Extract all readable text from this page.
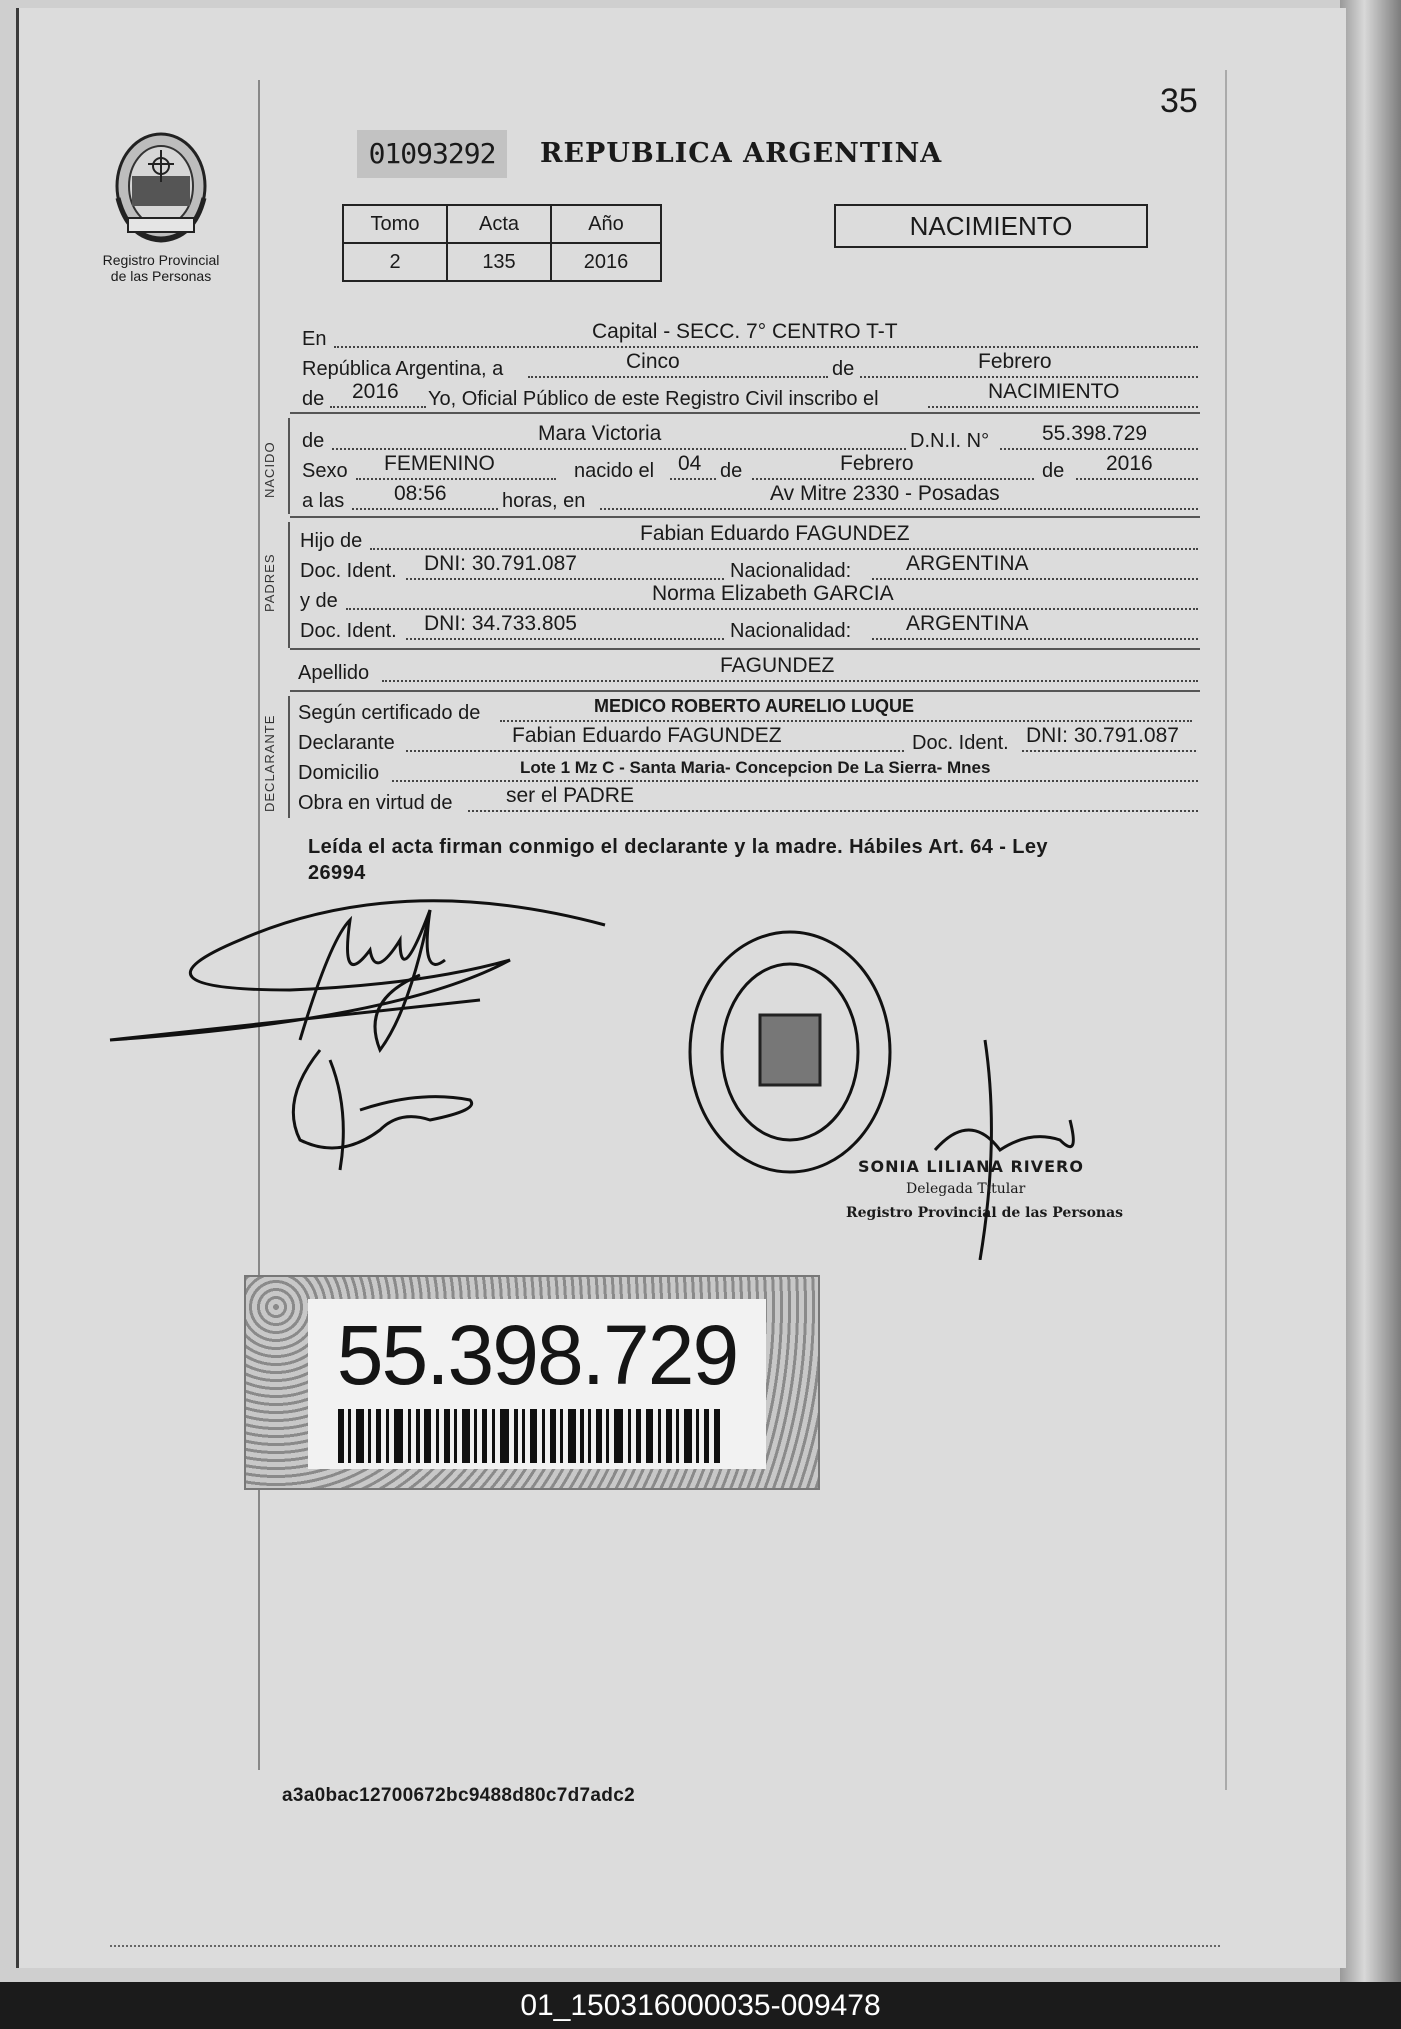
35
Registro Provincial
de las Personas
01093292	REPUBLICA ARGENTINA
Tomo	Acta	Año
2	135	2016
NACIMIENTO
En	Capital - SECC. 7° CENTRO T-T
República Argentina, a	Cinco	de	Febrero
de 2016 Yo, Oficial Público de este Registro Civil inscribo el	NACIMIENTO
NACIDO
de	Mara Victoria	D.N.I. N°	55.398.729
Sexo FEMENINO	nacido el 04 de	Febrero	de 2016
a las 08:56	horas, en	Av Mitre 2330 - Posadas
PADRES
Hijo de	Fabian Eduardo FAGUNDEZ
Doc. Ident. DNI: 30.791.087	Nacionalidad:	ARGENTINA
y de	Norma Elizabeth GARCIA
Doc. Ident. DNI: 34.733.805	Nacionalidad:	ARGENTINA
Apellido	FAGUNDEZ
DECLARANTE
Según certificado de	MEDICO ROBERTO AURELIO LUQUE
Declarante	Fabian Eduardo FAGUNDEZ	Doc. Ident. DNI: 30.791.087
Domicilio	Lote 1 Mz C - Santa Maria- Concepcion De La Sierra- Mnes
Obra en virtud de	ser el PADRE
Leída el acta firman conmigo el declarante y la madre. Hábiles Art. 64 - Ley
26994
SONIA LILIANA RIVERO
Delegada Titular
Registro Provincial de las Personas
55.398.729
a3a0bac12700672bc9488d80c7d7adc2
01_150316000035-009478
